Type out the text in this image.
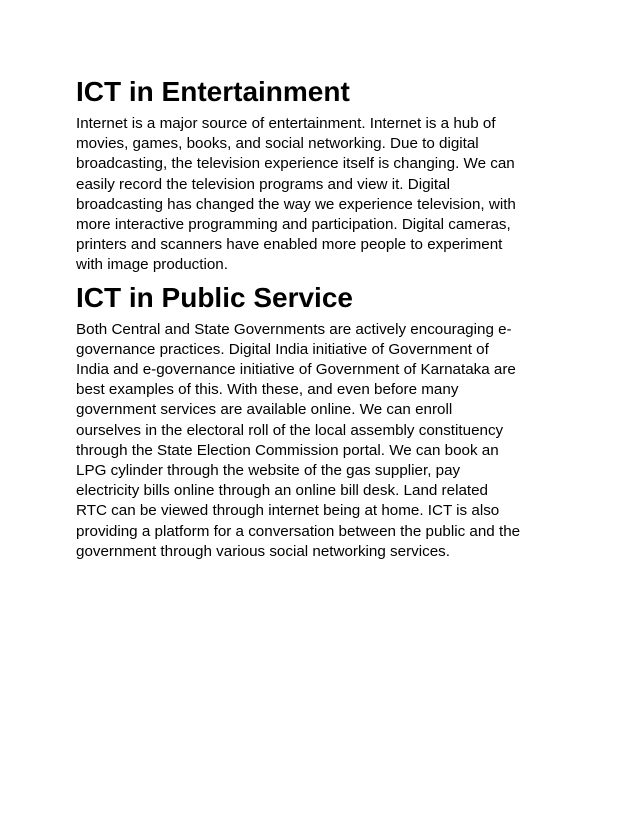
ICT in Entertainment

Internet is a major source of entertainment. Internet is a hub of
movies, games, books, and social networking. Due to digital
broadcasting, the television experience itself is changing. We can
easily record the television programs and view it. Digital
broadcasting has changed the way we experience television, with
more interactive programming and participation. Digital cameras,
printers and scanners have enabled more people to experiment
with image production.

ICT in Public Service

Both Central and State Governments are actively encouraging e-
governance practices. Digital India initiative of Government of
India and e-governance initiative of Government of Karnataka are
best examples of this. With these, and even before many
government services are available online. We can enroll
ourselves in the electoral roll of the local assembly constituency
through the State Election Commission portal. We can book an
LPG cylinder through the website of the gas supplier, pay
electricity bills online through an online bill desk. Land related
RTC can be viewed through internet being at home. ICT is also
providing a platform for a conversation between the public and the
government through various social networking services.
